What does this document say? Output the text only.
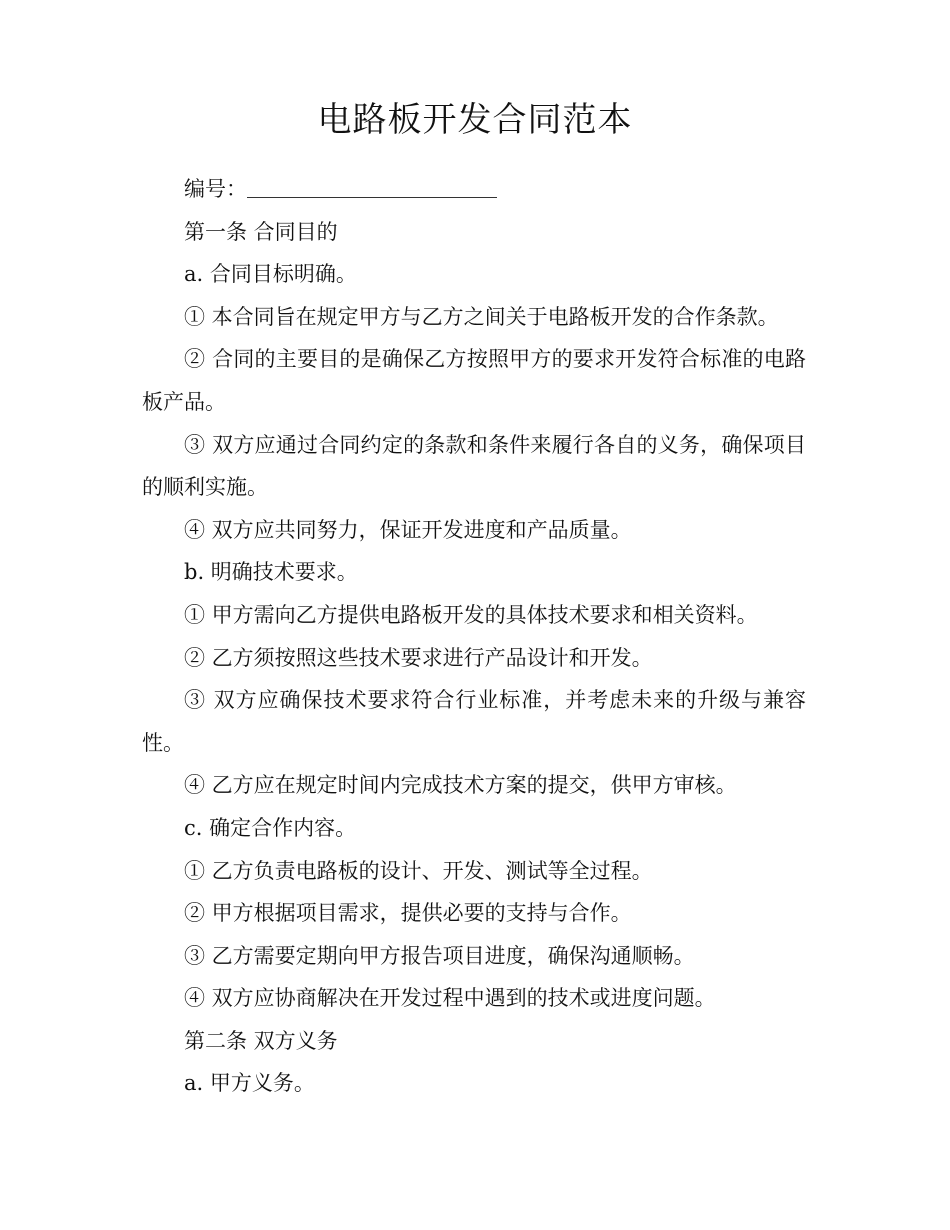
电路板开发合同范本

编号：

第一条 合同目的

a. 合同目标明确。

① 本合同旨在规定甲方与乙方之间关于电路板开发的合作条款。

② 合同的主要目的是确保乙方按照甲方的要求开发符合标准的电路板产品。

③ 双方应通过合同约定的条款和条件来履行各自的义务，确保项目的顺利实施。

④ 双方应共同努力，保证开发进度和产品质量。

b. 明确技术要求。

① 甲方需向乙方提供电路板开发的具体技术要求和相关资料。

② 乙方须按照这些技术要求进行产品设计和开发。

③ 双方应确保技术要求符合行业标准，并考虑未来的升级与兼容性。

④ 乙方应在规定时间内完成技术方案的提交，供甲方审核。

c. 确定合作内容。

① 乙方负责电路板的设计、开发、测试等全过程。

② 甲方根据项目需求，提供必要的支持与合作。

③ 乙方需要定期向甲方报告项目进度，确保沟通顺畅。

④ 双方应协商解决在开发过程中遇到的技术或进度问题。

第二条 双方义务

a. 甲方义务。
